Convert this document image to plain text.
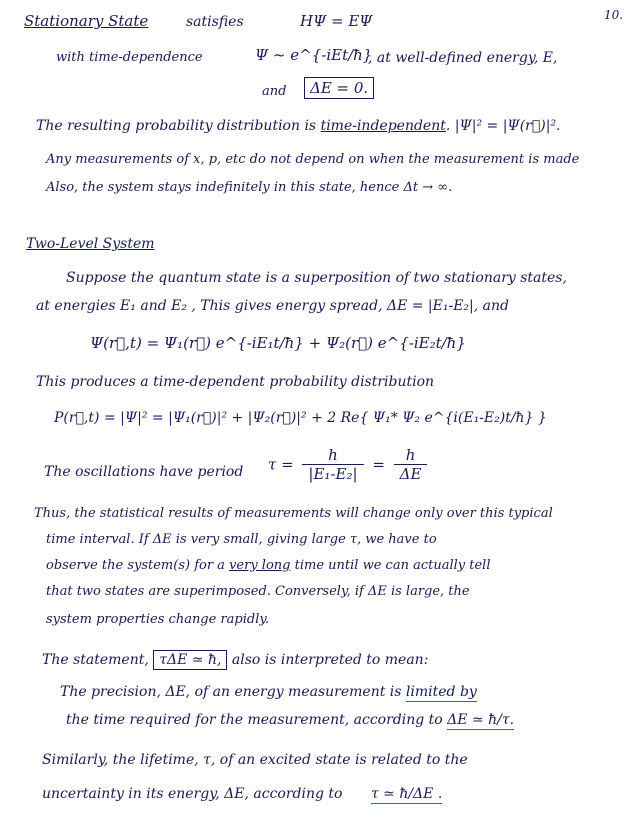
10.
Stationary State	satisfies	HΨ = EΨ
with time-dependence	Ψ ~ e^{-iEt/ħ}
, at well-defined energy, E,
and	ΔE = 0.
The resulting probability distribution is time-independent. |Ψ|² = |Ψ(r⃗)|².
Any measurements of x, p, etc do not depend on when the measurement is made
Also, the system stays indefinitely in this state, hence Δt → ∞.
Two-Level System
Suppose the quantum state is a superposition of two stationary states,
at energies E₁ and E₂ , This gives energy spread, ΔE = |E₁-E₂|, and
Ψ(r⃗,t) = Ψ₁(r⃗) e^{-iE₁t/ħ} + Ψ₂(r⃗) e^{-iE₂t/ħ}
This produces a time-dependent probability distribution
P(r⃗,t) = |Ψ|² = |Ψ₁(r⃗)|² + |Ψ₂(r⃗)|² + 2 Re{ Ψ₁* Ψ₂ e^{i(E₁-E₂)t/ħ} }
The oscillations have period $\tau = \frac{h}{\text{|E₁-E₂|}} = \frac{h}{\Delta E}$
Thus, the statistical results of measurements will change only over this typical
time interval. If ΔE is very small, giving large τ, we have to
observe the system(s) for a very long time until we can actually tell
that two states are superimposed. Conversely, if ΔE is large, the
system properties change rapidly.
The statement, τΔE ≃ ħ, also is interpreted to mean:
The precision, ΔE, of an energy measurement is limited by
the time required for the measurement, according to ΔE ≃ ħ/τ.
Similarly, the lifetime, τ, of an excited state is related to the
uncertainty in its energy, ΔE, according to τ ≃ ħ/ΔE .
